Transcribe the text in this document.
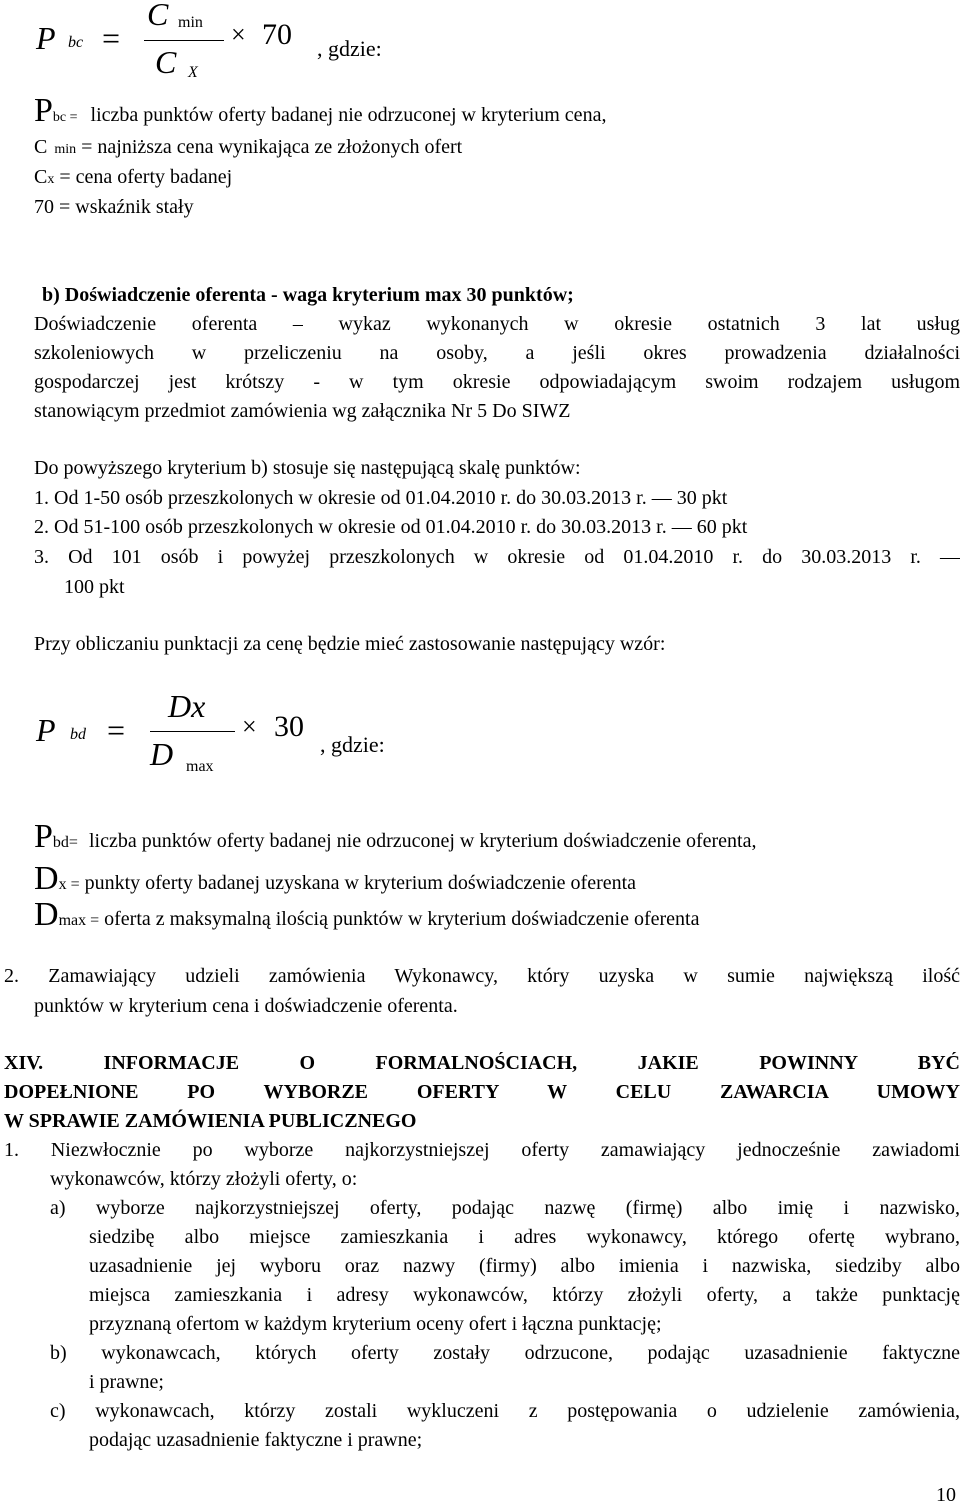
P bc =
C min
C X
× 70 , gdzie:
Pbc = liczba punktów oferty badanej nie odrzuconej w kryterium cena,
C min = najniższa cena wynikająca ze złożonych ofert
Cx = cena oferty badanej
70 = wskaźnik stały
b) Doświadczenie oferenta - waga kryterium max 30 punktów;
Doświadczenie oferenta – wykaz wykonanych w okresie ostatnich 3 lat usług
szkoleniowych w przeliczeniu na osoby, a jeśli okres prowadzenia działalności
gospodarczej jest krótszy - w tym okresie odpowiadającym swoim rodzajem usługom
stanowiącym przedmiot zamówienia wg załącznika Nr 5 Do SIWZ
Do powyższego kryterium b) stosuje się następującą skalę punktów:
1. Od 1-50 osób przeszkolonych w okresie od 01.04.2010 r. do 30.03.2013 r. — 30 pkt
2. Od 51-100 osób przeszkolonych w okresie od 01.04.2010 r. do 30.03.2013 r. — 60 pkt
3. Od 101 osób i powyżej przeszkolonych w okresie od 01.04.2010 r. do 30.03.2013 r. —
100 pkt
Przy obliczaniu punktacji za cenę będzie mieć zastosowanie następujący wzór:
P bd =
Dx
D max
× 30
, gdzie:
Pbd= liczba punktów oferty badanej nie odrzuconej w kryterium doświadczenie oferenta,
Dx = punkty oferty badanej uzyskana w kryterium doświadczenie oferenta
Dmax = oferta z maksymalną ilością punktów w kryterium doświadczenie oferenta
2. Zamawiający udzieli zamówienia Wykonawcy, który uzyska w sumie największą ilość
punktów w kryterium cena i doświadczenie oferenta.
XIV. INFORMACJE O FORMALNOŚCIACH, JAKIE POWINNY BYĆ
DOPEŁNIONE PO WYBORZE OFERTY W CELU ZAWARCIA UMOWY
W SPRAWIE ZAMÓWIENIA PUBLICZNEGO
1. Niezwłocznie po wyborze najkorzystniejszej oferty zamawiający jednocześnie zawiadomi
wykonawców, którzy złożyli oferty, o:
a) wyborze najkorzystniejszej oferty, podając nazwę (firmę) albo imię i nazwisko,
siedzibę albo miejsce zamieszkania i adres wykonawcy, którego ofertę wybrano,
uzasadnienie jej wyboru oraz nazwy (firmy) albo imienia i nazwiska, siedziby albo
miejsca zamieszkania i adresy wykonawców, którzy złożyli oferty, a także punktację
przyznaną ofertom w każdym kryterium oceny ofert i łączna punktację;
b) wykonawcach, których oferty zostały odrzucone, podając uzasadnienie faktyczne
i prawne;
c) wykonawcach, którzy zostali wykluczeni z postępowania o udzielenie zamówienia,
podając uzasadnienie faktyczne i prawne;
10
